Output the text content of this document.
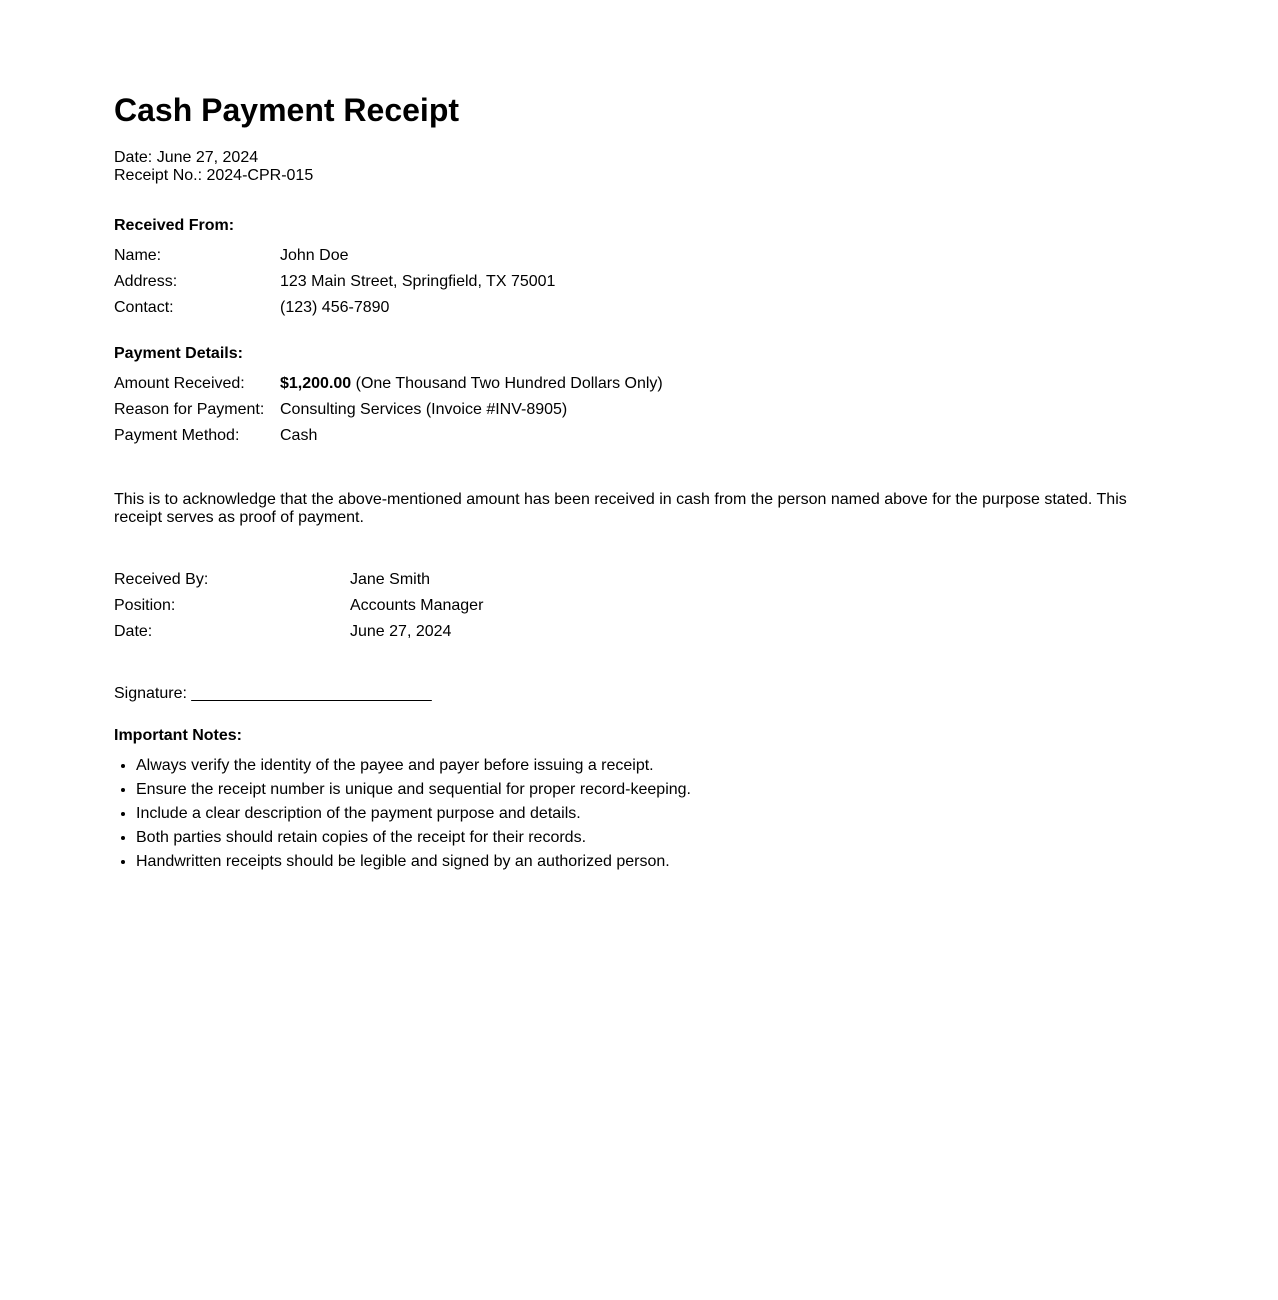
Cash Payment Receipt
Date: June 27, 2024
Receipt No.: 2024-CPR-015
Received From:
Name:	John Doe
Address:	123 Main Street, Springfield, TX 75001
Contact:	(123) 456-7890
Payment Details:
Amount Received:	$1,200.00 (One Thousand Two Hundred Dollars Only)
Reason for Payment:	Consulting Services (Invoice #INV-8905)
Payment Method:	Cash
This is to acknowledge that the above-mentioned amount has been received in cash from the person named above for the purpose stated. This receipt serves as proof of payment.
Received By:	Jane Smith
Position:	Accounts Manager
Date:	June 27, 2024
Signature: ___________________________
Important Notes:
• Always verify the identity of the payee and payer before issuing a receipt.
• Ensure the receipt number is unique and sequential for proper record-keeping.
• Include a clear description of the payment purpose and details.
• Both parties should retain copies of the receipt for their records.
• Handwritten receipts should be legible and signed by an authorized person.
